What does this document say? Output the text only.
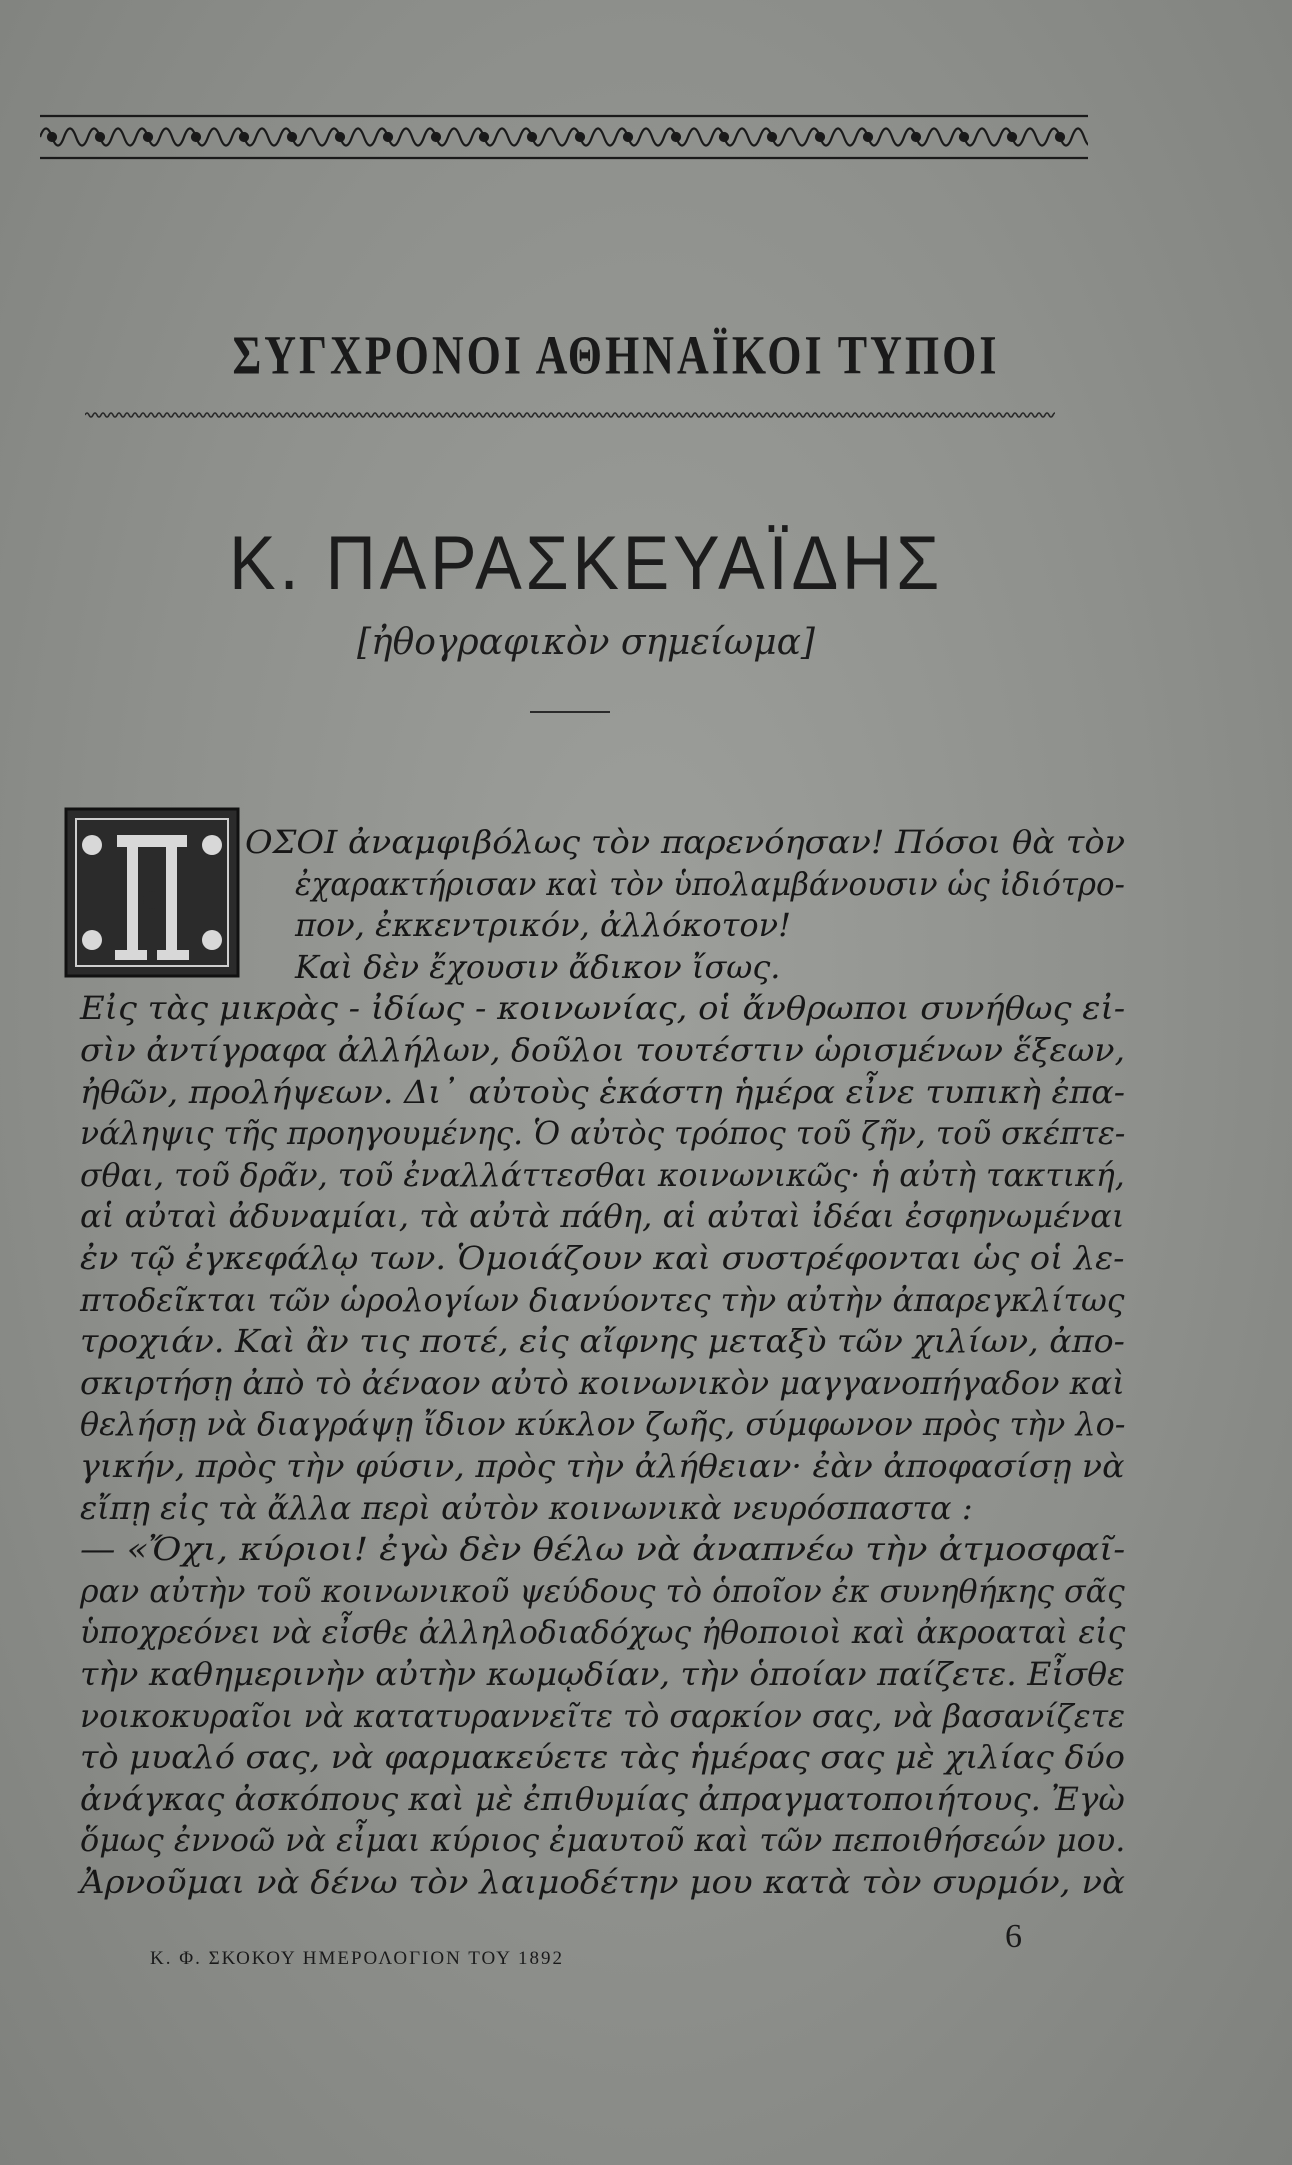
ΣΥΓΧΡΟΝΟΙ ΑΘΗΝΑΪΚΟΙ ΤΥΠΟΙ
Κ. ΠΑΡΑΣΚΕΥΑΪΔΗΣ
[ἠθογραφικὸν σημείωμα]
ΟΣΟΙ ἀναμφιβόλως τὸν παρενόησαν! Πόσοι θὰ τὸν
ἐχαρακτήρισαν καὶ τὸν ὑπολαμβάνουσιν ὡς ἰδιότρο-
πον, ἐκκεντρικόν, ἀλλόκοτον!
Καὶ δὲν ἔχουσιν ἄδικον ἴσως.
Εἰς τὰς μικρὰς - ἰδίως - κοινωνίας, οἱ ἄνθρωποι συνήθως εἰ-
σὶν ἀντίγραφα ἀλλήλων, δοῦλοι τουτέστιν ὡρισμένων ἕξεων,
ἠθῶν, προλήψεων. Δι᾽ αὐτοὺς ἑκάστη ἡμέρα εἶνε τυπικὴ ἐπα-
νάληψις τῆς προηγουμένης. Ὁ αὐτὸς τρόπος τοῦ ζῆν, τοῦ σκέπτε-
σθαι, τοῦ δρᾶν, τοῦ ἐναλλάττεσθαι κοινωνικῶς· ἡ αὐτὴ τακτική,
αἱ αὐταὶ ἀδυναμίαι, τὰ αὐτὰ πάθη, αἱ αὐταὶ ἰδέαι ἐσφηνωμέναι
ἐν τῷ ἐγκεφάλῳ των. Ὁμοιάζουν καὶ συστρέφονται ὡς οἱ λε-
πτοδεῖκται τῶν ὡρολογίων διανύοντες τὴν αὐτὴν ἀπαρεγκλίτως
τροχιάν. Καὶ ἂν τις ποτέ, εἰς αἴφνης μεταξὺ τῶν χιλίων, ἀπο-
σκιρτήσῃ ἀπὸ τὸ ἀέναον αὐτὸ κοινωνικὸν μαγγανοπήγαδον καὶ
θελήσῃ νὰ διαγράψῃ ἴδιον κύκλον ζωῆς, σύμφωνον πρὸς τὴν λο-
γικήν, πρὸς τὴν φύσιν, πρὸς τὴν ἀλήθειαν· ἐὰν ἀποφασίσῃ νὰ
εἴπῃ εἰς τὰ ἄλλα περὶ αὐτὸν κοινωνικὰ νευρόσπαστα :
— «Ὄχι, κύριοι! ἐγὼ δὲν θέλω νὰ ἀναπνέω τὴν ἀτμοσφαῖ-
ραν αὐτὴν τοῦ κοινωνικοῦ ψεύδους τὸ ὁποῖον ἐκ συνηθήκης σᾶς
ὑποχρεόνει νὰ εἶσθε ἀλληλοδιαδόχως ἠθοποιοὶ καὶ ἀκροαταὶ εἰς
τὴν καθημερινὴν αὐτὴν κωμῳδίαν, τὴν ὁποίαν παίζετε. Εἶσθε
νοικοκυραῖοι νὰ κατατυραννεῖτε τὸ σαρκίον σας, νὰ βασανίζετε
τὸ μυαλό σας, νὰ φαρμακεύετε τὰς ἡμέρας σας μὲ χιλίας δύο
ἀνάγκας ἀσκόπους καὶ μὲ ἐπιθυμίας ἀπραγματοποιήτους. Ἐγὼ
ὅμως ἐννοῶ νὰ εἶμαι κύριος ἐμαυτοῦ καὶ τῶν πεποιθήσεών μου.
Ἀρνοῦμαι νὰ δένω τὸν λαιμοδέτην μου κατὰ τὸν συρμόν, νὰ
Κ. Φ. ΣΚΟΚΟΥ ΗΜΕΡΟΛΟΓΙΟΝ ΤΟΥ 1892
6
